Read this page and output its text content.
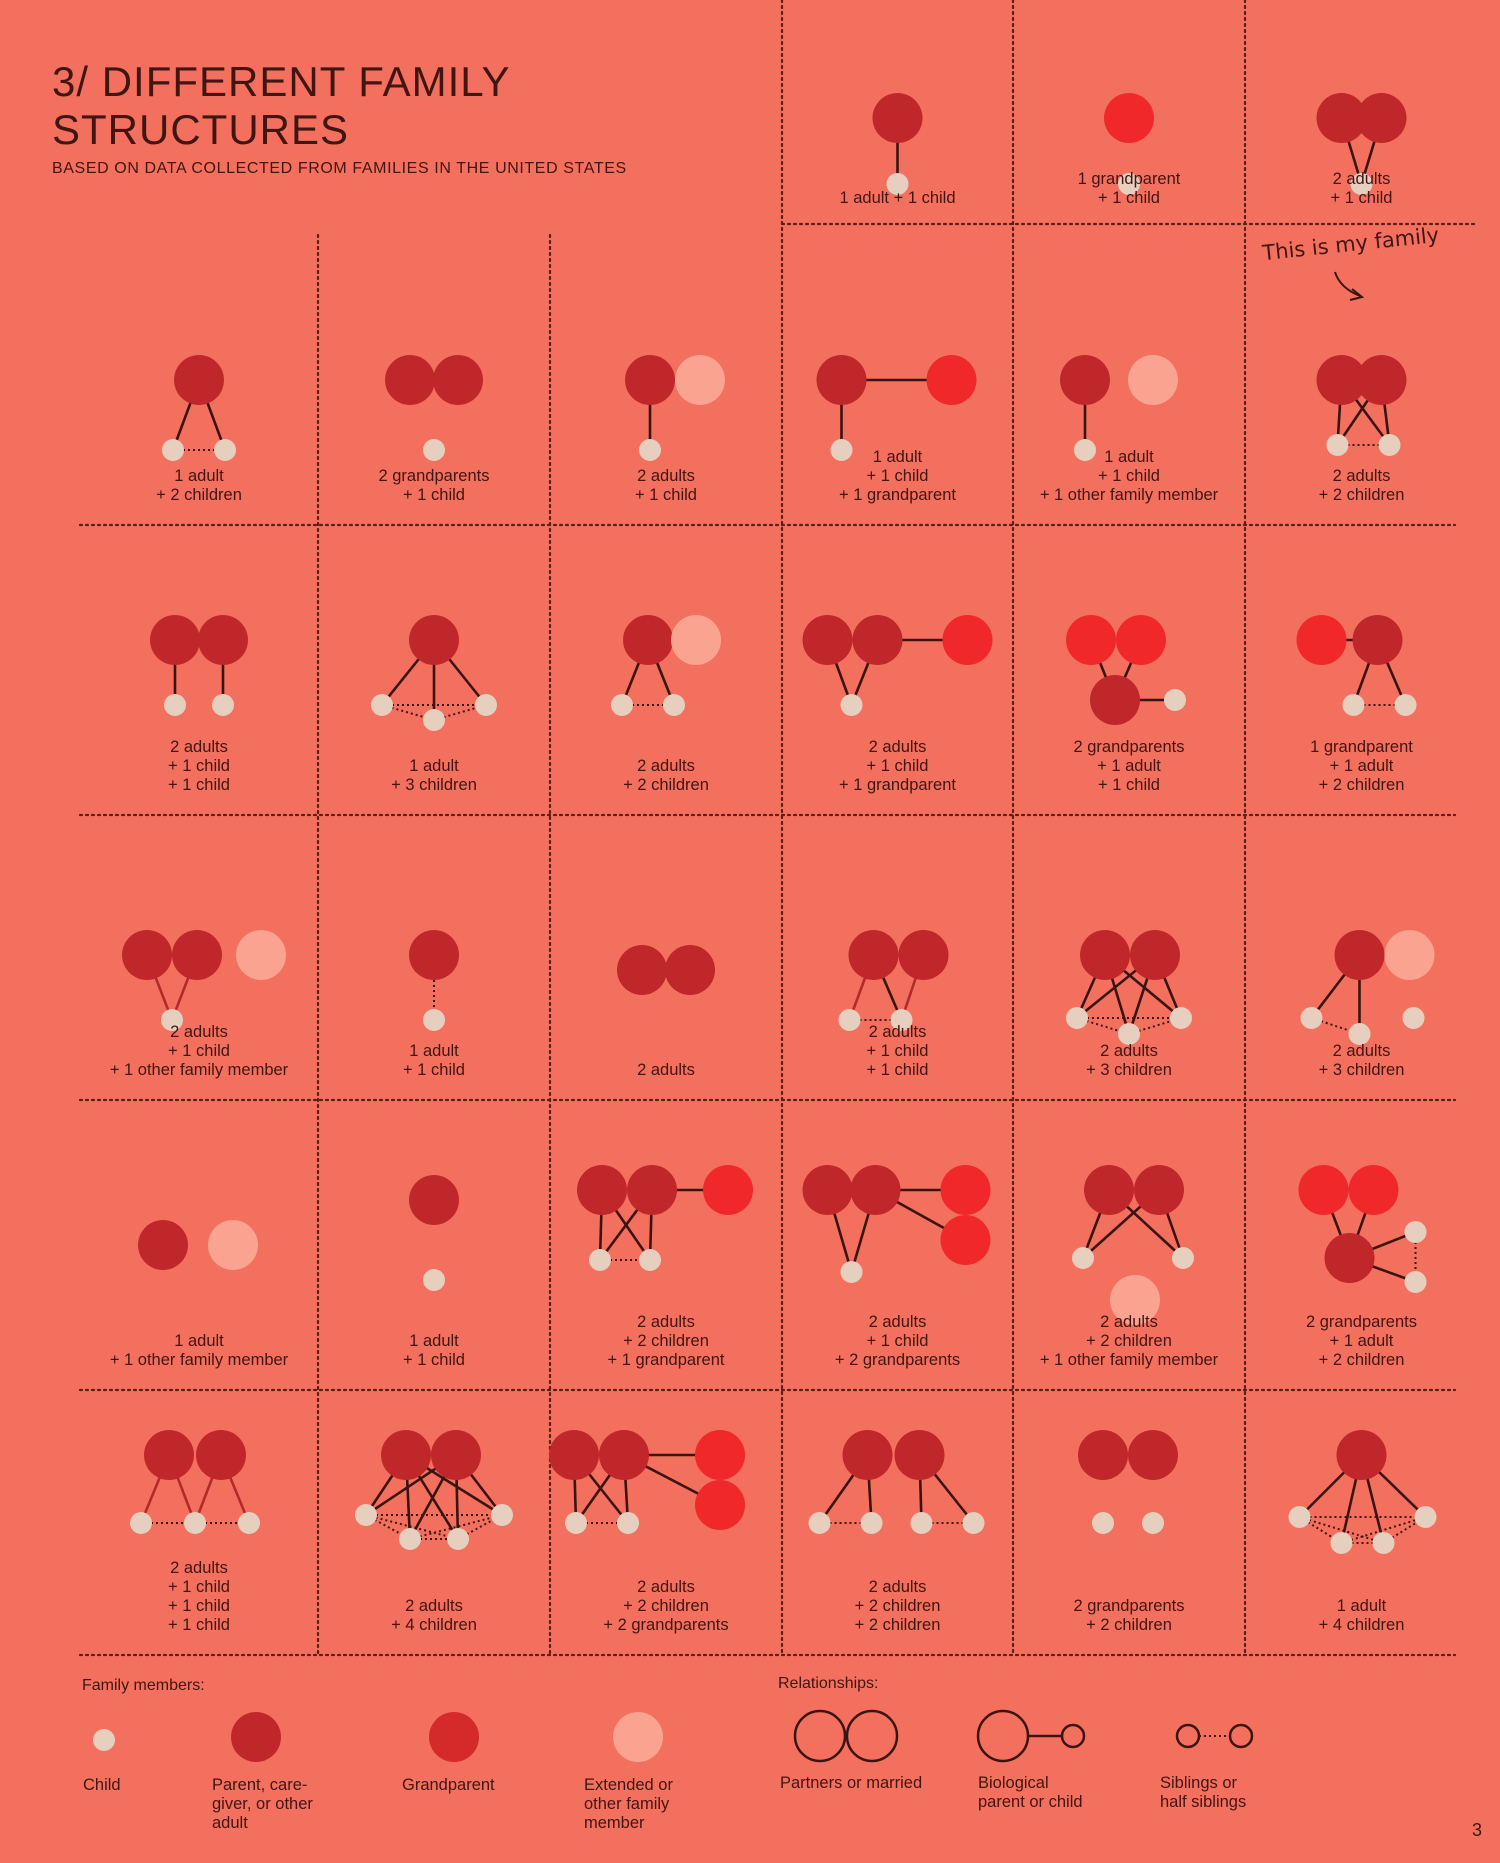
3/ DIFFERENT FAMILY STRUCTURES
BASED ON DATA COLLECTED FROM FAMILIES IN THE UNITED STATES
This is my family
1 adult + 1 child
1 grandparent
+ 1 child
2 adults
+ 1 child
1 adult
+ 2 children
2 grandparents
+ 1 child
2 adults
+ 1 child
1 adult
+ 1 child
+ 1 grandparent
1 adult
+ 1 child
+ 1 other family member
2 adults
+ 2 children
2 adults
+ 1 child
+ 1 child
1 adult
+ 3 children
2 adults
+ 2 children
2 adults
+ 1 child
+ 1 grandparent
2 grandparents
+ 1 adult
+ 1 child
1 grandparent
+ 1 adult
+ 2 children
2 adults
+ 1 child
+ 1 other family member
1 adult
+ 1 child	2 adults
2 adults
+ 1 child
+ 1 child
2 adults
+ 3 children
2 adults
+ 3 children
1 adult
+ 1 other family member
1 adult
+ 1 child
2 adults
+ 2 children
+ 1 grandparent
2 adults
+ 1 child
+ 2 grandparents
2 adults
+ 2 children
+ 1 other family member
2 grandparents
+ 1 adult
+ 2 children
2 adults
+ 1 child
+ 1 child
+ 1 child
2 adults
+ 4 children
2 adults
+ 2 children
+ 2 grandparents
2 adults
+ 2 children
+ 2 children
2 grandparents
+ 2 children
1 adult
+ 4 children
Family members:	Relationships:
Child	Parent, care-
giver, or other
adult
Grandparent	Extended or
other family
member
Partners or married	Biological
parent or child
Siblings or
half siblings
3
